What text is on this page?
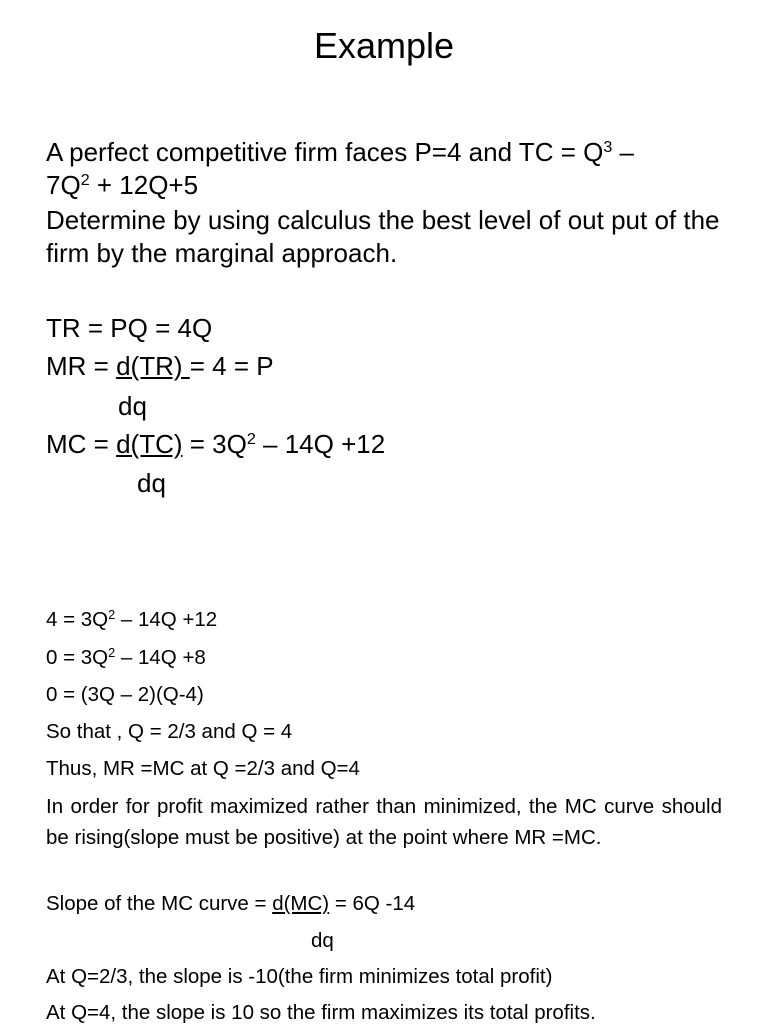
Example

A perfect competitive firm faces P=4 and TC = $Q^3$ –

$7Q^2 + 12Q+5$

Determine by using calculus the best level of out put of the firm by the marginal approach.

TR = PQ = 4Q
MR = d(TR) = 4 = P
dq
MC = $d(TC) = 3Q^2 - 14Q +12$
dq
$4 = 3Q^2 - 14Q +12$
$0 = 3Q^2 - 14Q +8$
0 = (3Q – 2)(Q-4)
So that , Q = 2/3 and Q = 4
Thus, MR =MC at Q =2/3 and Q=4

In order for profit maximized rather than minimized, the MC curve should be rising(slope must be positive) at the point where MR =MC.

Slope of the MC curve = d(MC) = 6Q -14
dq
At Q=2/3, the slope is -10(the firm minimizes total profit)
At Q=4, the slope is 10 so the firm maximizes its total profits.
